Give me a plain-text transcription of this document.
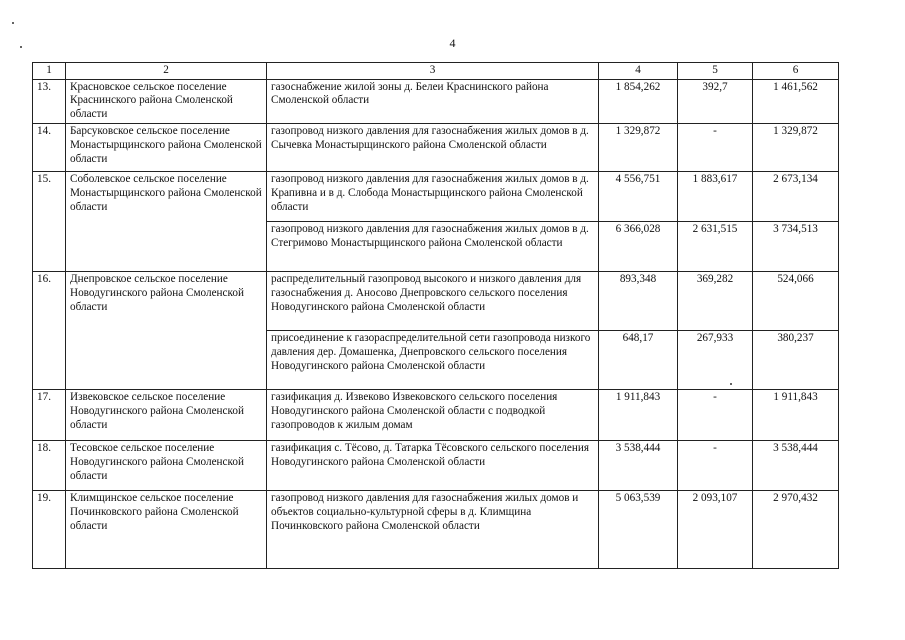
4
1	2	3	4	5	6
13.	Красновское сельское поселение Краснинского района Смоленской области	газоснабжение жилой зоны д. Белеи Краснинского района Смоленской области	1 854,262	392,7	1 461,562
14.	Барсуковское сельское поселение Монастырщинского района Смоленской области	газопровод низкого давления для газоснабжения жилых домов в д. Сычевка Монастырщинского района Смоленской области	1 329,872	-	1 329,872
15.	Соболевское сельское поселение Монастырщинского района Смоленской области	газопровод низкого давления для газоснабжения жилых домов в д. Крапивна и в д. Слобода Монастырщинского района Смоленской области	4 556,751	1 883,617	2 673,134
		газопровод низкого давления для газоснабжения жилых домов в д. Стегримово Монастырщинского района Смоленской области	6 366,028	2 631,515	3 734,513
16.	Днепровское сельское поселение Новодугинского района Смоленской области	распределительный газопровод высокого и низкого давления для газоснабжения д. Аносово Днепровского сельского поселения Новодугинского района Смоленской области	893,348	369,282	524,066
		присоединение к газораспределительной сети газопровода низкого давления дер. Домашенка, Днепровского сельского поселения Новодугинского района Смоленской области	648,17	267,933	380,237
17.	Извековское сельское поселение Новодугинского района Смоленской области	газификация д. Извеково Извековского сельского поселения Новодугинского района Смоленской области с подводкой газопроводов к жилым домам	1 911,843	-	1 911,843
18.	Тесовское сельское поселение Новодугинского района Смоленской области	газификация с. Тёсово, д. Татарка Тёсовского сельского поселения Новодугинского района Смоленской области	3 538,444	-	3 538,444
19.	Климщинское сельское поселение Починковского района Смоленской области	газопровод низкого давления для газоснабжения жилых домов и объектов социально-культурной сферы в д. Климщина Починковского района Смоленской области	5 063,539	2 093,107	2 970,432
